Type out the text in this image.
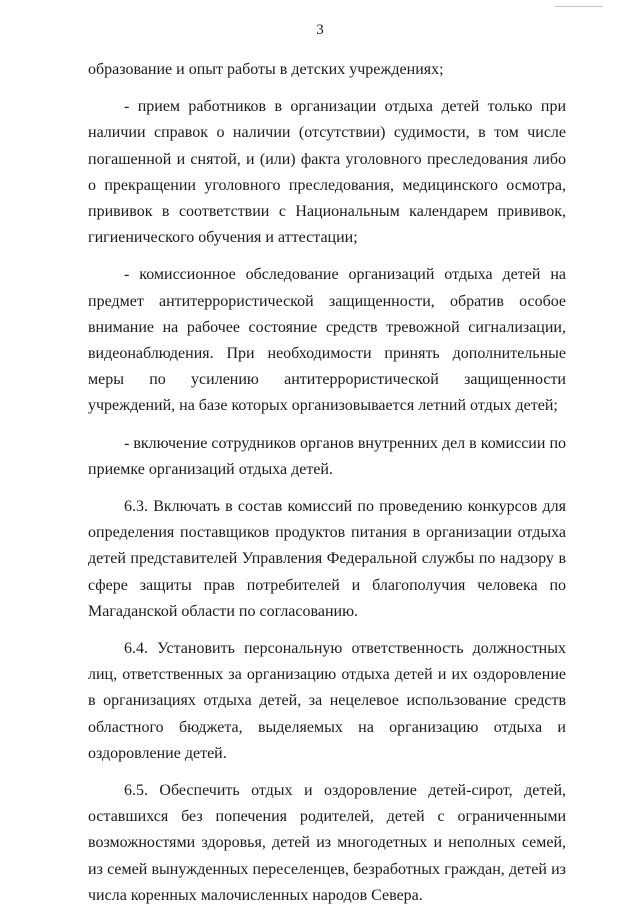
3

образование и опыт работы в детских учреждениях;

- прием работников в организации отдыха детей только при наличии справок о наличии (отсутствии) судимости, в том числе погашенной и снятой, и (или) факта уголовного преследования либо о прекращении уголовного преследования, медицинского осмотра, прививок в соответствии с Национальным календарем прививок, гигиенического обучения и аттестации;

- комиссионное обследование организаций отдыха детей на предмет антитеррористической защищенности, обратив особое внимание на рабочее состояние средств тревожной сигнализации, видеонаблюдения. При необходимости принять дополнительные меры по усилению антитеррористической защищенности учреждений, на базе которых организовывается летний отдых детей;

- включение сотрудников органов внутренних дел в комиссии по приемке организаций отдыха детей.

6.3. Включать в состав комиссий по проведению конкурсов для определения поставщиков продуктов питания в организации отдыха детей представителей Управления Федеральной службы по надзору в сфере защиты прав потребителей и благополучия человека по Магаданской области по согласованию.

6.4. Установить персональную ответственность должностных лиц, ответственных за организацию отдыха детей и их оздоровление в организациях отдыха детей, за нецелевое использование средств областного бюджета, выделяемых на организацию отдыха и оздоровление детей.

6.5. Обеспечить отдых и оздоровление детей-сирот, детей, оставшихся без попечения родителей, детей с ограниченными возможностями здоровья, детей из многодетных и неполных семей, из семей вынужденных переселенцев, безработных граждан, детей из числа коренных малочисленных народов Севера.
